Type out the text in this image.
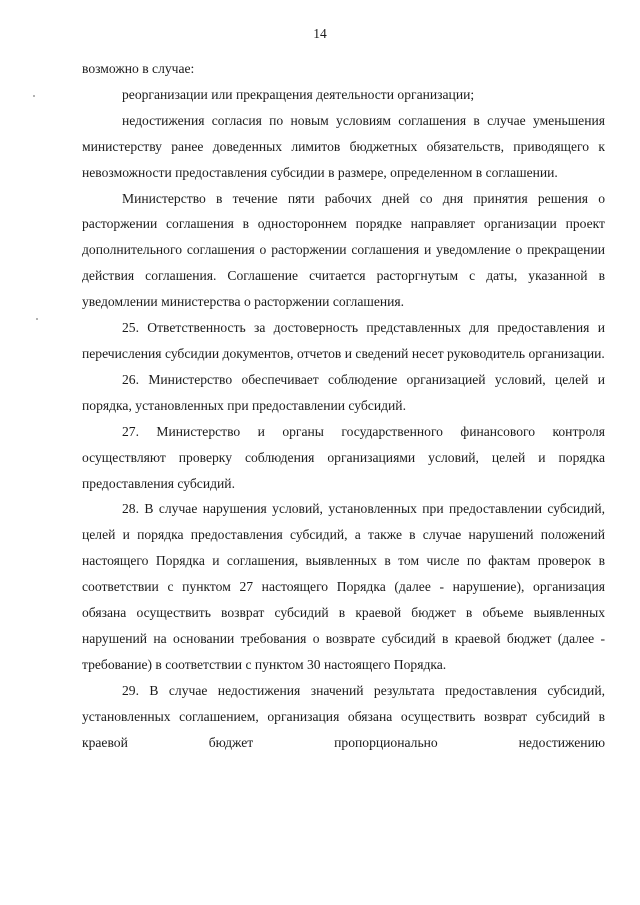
14

возможно в случае:

реорганизации или прекращения деятельности организации;

недостижения согласия по новым условиям соглашения в случае уменьшения министерству ранее доведенных лимитов бюджетных обязательств, приводящего к невозможности предоставления субсидии в размере, определенном в соглашении.

Министерство в течение пяти рабочих дней со дня принятия решения о расторжении соглашения в одностороннем порядке направляет организации проект дополнительного соглашения о расторжении соглашения и уведомление о прекращении действия соглашения. Соглашение считается расторгнутым с даты, указанной в уведомлении министерства о расторжении соглашения.

25. Ответственность за достоверность представленных для предоставления и перечисления субсидии документов, отчетов и сведений несет руководитель организации.

26. Министерство обеспечивает соблюдение организацией условий, целей и порядка, установленных при предоставлении субсидий.

27. Министерство и органы государственного финансового контроля осуществляют проверку соблюдения организациями условий, целей и порядка предоставления субсидий.

28. В случае нарушения условий, установленных при предоставлении субсидий, целей и порядка предоставления субсидий, а также в случае нарушений положений настоящего Порядка и соглашения, выявленных в том числе по фактам проверок в соответствии с пунктом 27 настоящего Порядка (далее - нарушение), организация обязана осуществить возврат субсидий в краевой бюджет в объеме выявленных нарушений на основании требования о возврате субсидий в краевой бюджет (далее - требование) в соответствии с пунктом 30 настоящего Порядка.

29. В случае недостижения значений результата предоставления субсидий, установленных соглашением, организация обязана осуществить возврат субсидий в краевой бюджет пропорционально недостижению
